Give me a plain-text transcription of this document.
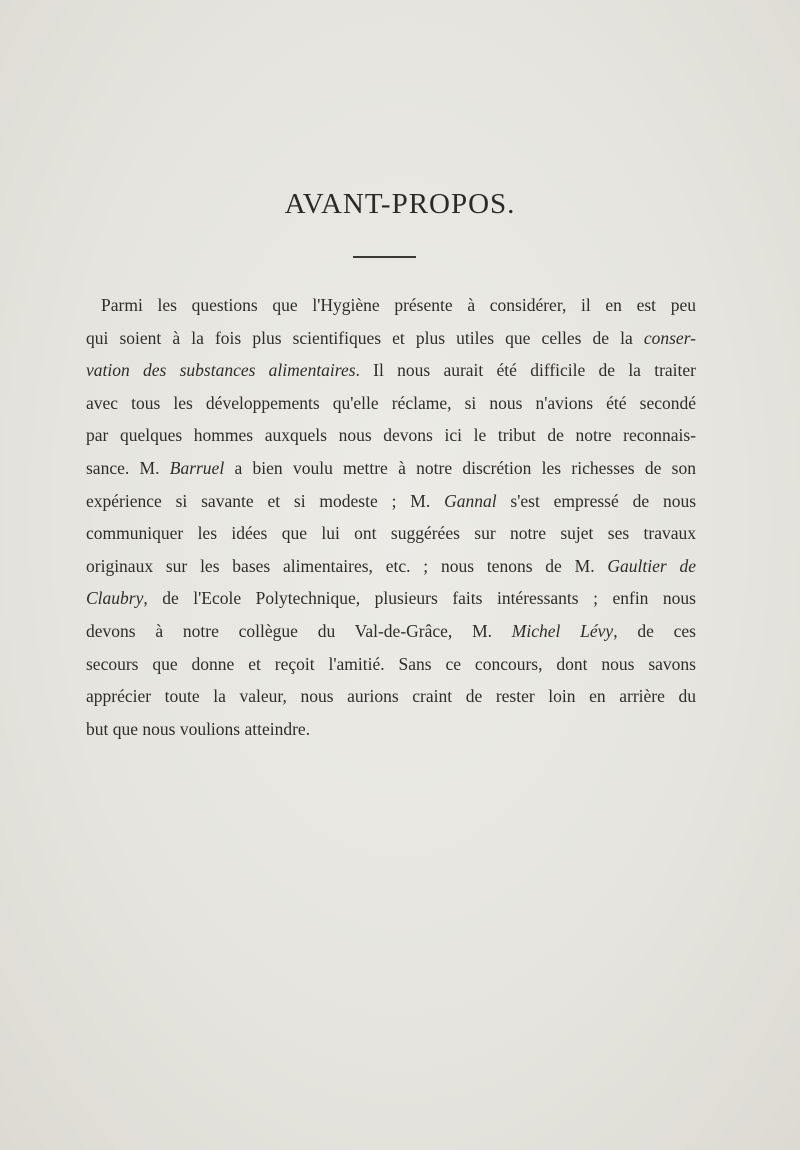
AVANT-PROPOS.

Parmi les questions que l'Hygiène présente à considérer, il en est peu
qui soient à la fois plus scientifiques et plus utiles que celles de la conser-
vation des substances alimentaires. Il nous aurait été difficile de la traiter
avec tous les développements qu'elle réclame, si nous n'avions été secondé
par quelques hommes auxquels nous devons ici le tribut de notre reconnais-
sance. M. Barruel a bien voulu mettre à notre discrétion les richesses de son
expérience si savante et si modeste ; M. Gannal s'est empressé de nous
communiquer les idées que lui ont suggérées sur notre sujet ses travaux
originaux sur les bases alimentaires, etc. ; nous tenons de M. Gaultier de
Claubry, de l'Ecole Polytechnique, plusieurs faits intéressants ; enfin nous
devons à notre collègue du Val-de-Grâce, M. Michel Lévy, de ces
secours que donne et reçoit l'amitié. Sans ce concours, dont nous savons
apprécier toute la valeur, nous aurions craint de rester loin en arrière du
but que nous voulions atteindre.
